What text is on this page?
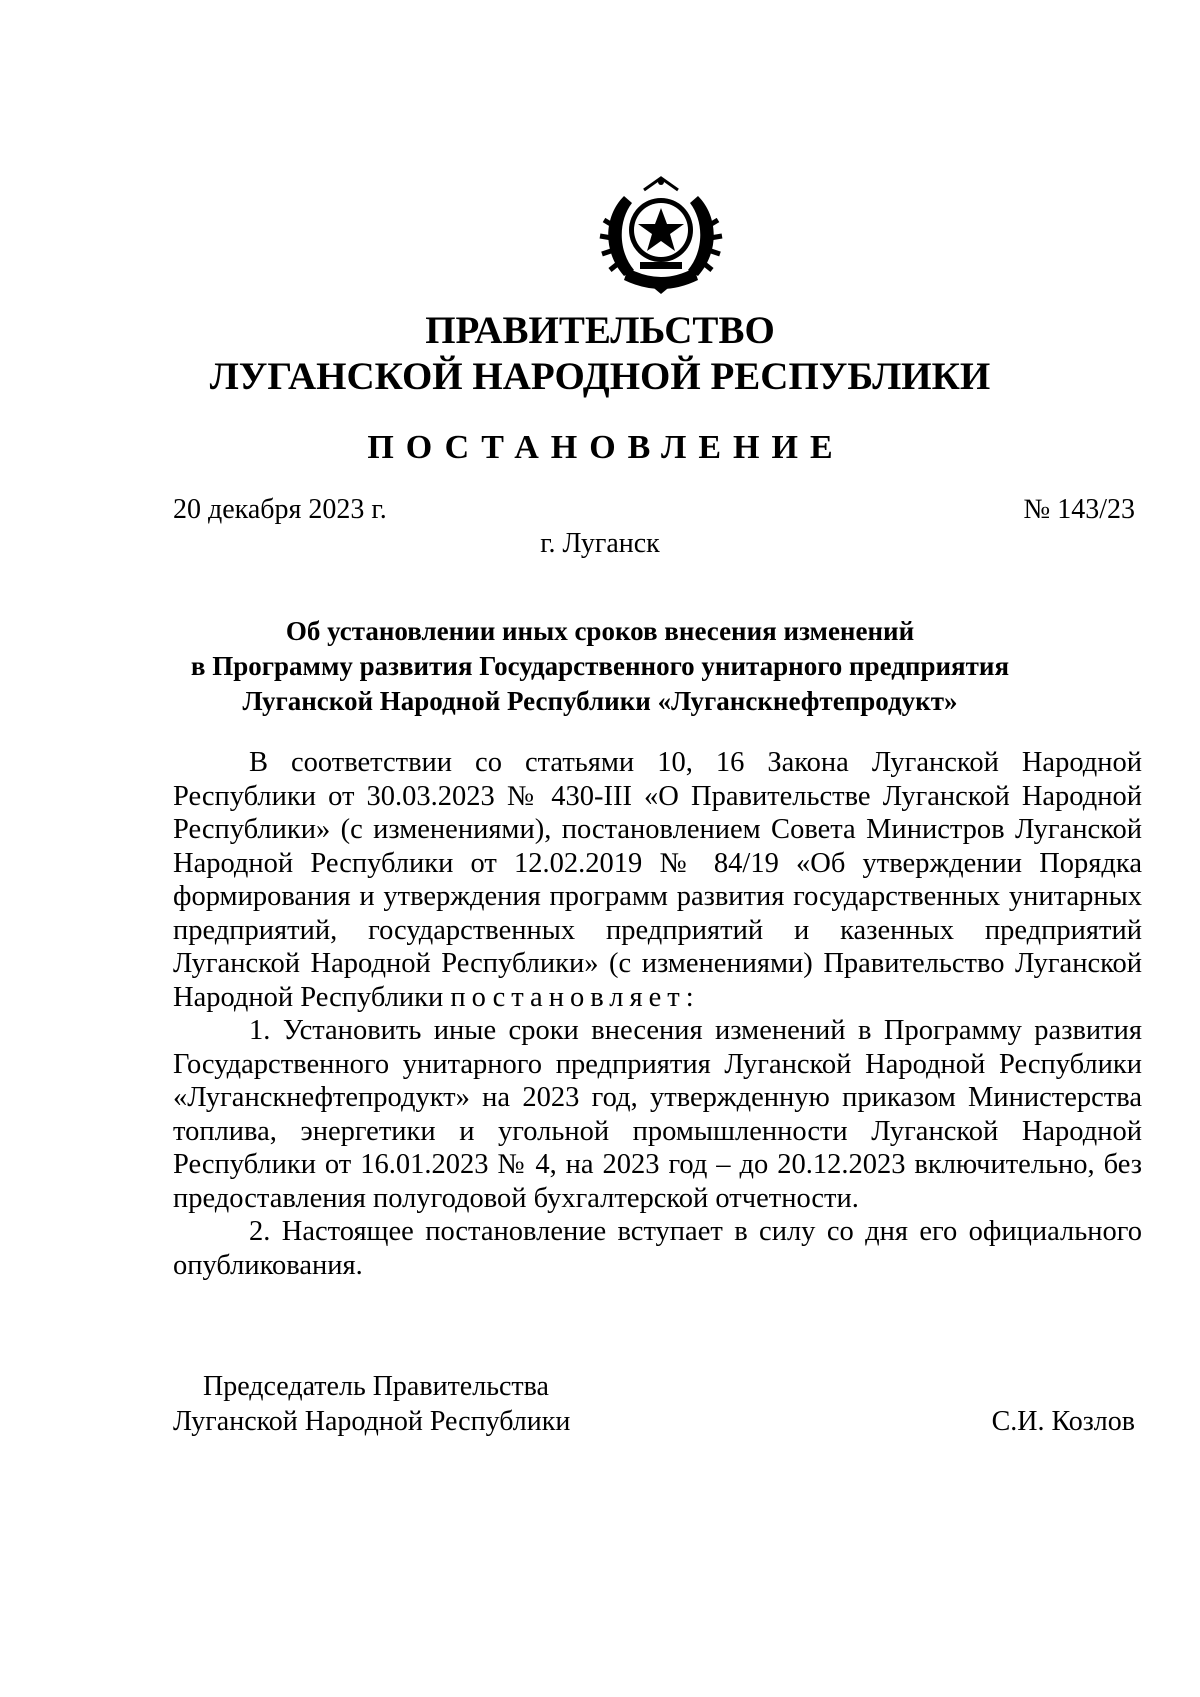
ПРАВИТЕЛЬСТВО
ЛУГАНСКОЙ НАРОДНОЙ РЕСПУБЛИКИ
ПОСТАНОВЛЕНИЕ
20 декабря 2023 г.	№ 143/23
г. Луганск
Об установлении иных сроков внесения изменений
в Программу развития Государственного унитарного предприятия
Луганской Народной Республики «Луганскнефтепродукт»

В соответствии со статьями 10, 16 Закона Луганской Народной Республики от 30.03.2023 № 430-III «О Правительстве Луганской Народной Республики» (с изменениями), постановлением Совета Министров Луганской Народной Республики от 12.02.2019 № 84/19 «Об утверждении Порядка формирования и утверждения программ развития государственных унитарных предприятий, государственных предприятий и казенных предприятий Луганской Народной Республики» (с изменениями) Правительство Луганской Народной Республики постановляет:

1. Установить иные сроки внесения изменений в Программу развития Государственного унитарного предприятия Луганской Народной Республики «Луганскнефтепродукт» на 2023 год, утвержденную приказом Министерства топлива, энергетики и угольной промышленности Луганской Народной Республики от 16.01.2023 № 4, на 2023 год – до 20.12.2023 включительно, без предоставления полугодовой бухгалтерской отчетности.

2. Настоящее постановление вступает в силу со дня его официального опубликования.

Председатель Правительства
Луганской Народной Республики	С.И. Козлов
